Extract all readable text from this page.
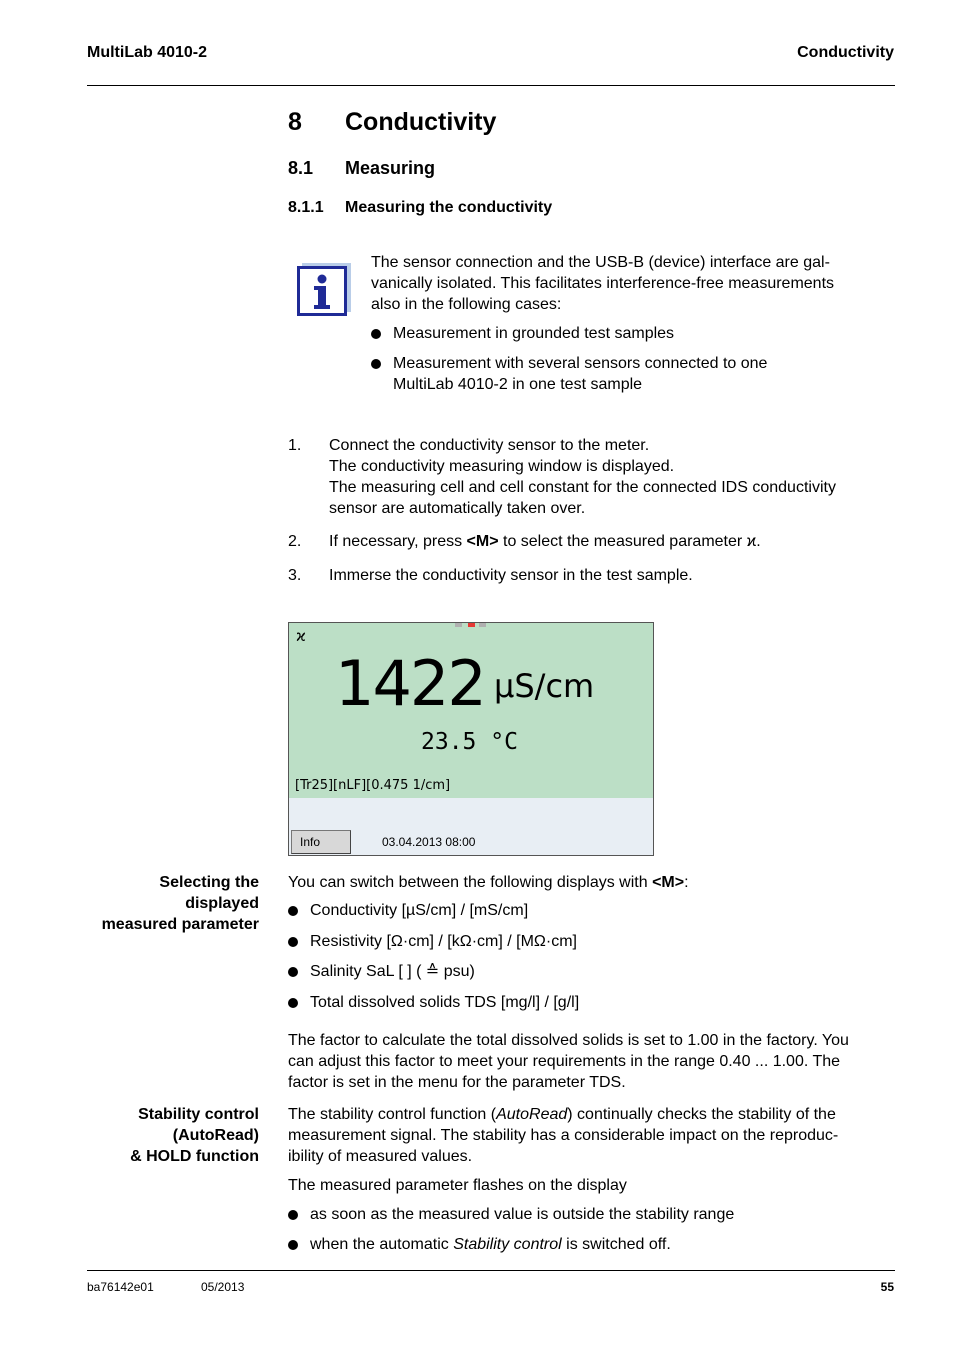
MultiLab 4010-2	Conductivity
8 Conductivity
8.1 Measuring
8.1.1 Measuring the conductivity
The sensor connection and the USB-B (device) interface are gal-
vanically isolated. This facilitates interference-free measurements
also in the following cases:
Measurement in grounded test samples
Measurement with several sensors connected to one
MultiLab 4010-2 in one test sample
1. Connect the conductivity sensor to the meter.
The conductivity measuring window is displayed.
The measuring cell and cell constant for the connected IDS conductivity
sensor are automatically taken over.
2. If necessary, press <M> to select the measured parameter ϰ.
3. Immerse the conductivity sensor in the test sample.
ϰ
1422 µS/cm
23.5 °C
[Tr25][nLF][0.475 1/cm]
Info	03.04.2013 08:00
Selecting the
displayed
measured parameter
You can switch between the following displays with <M>:
Conductivity [µS/cm] / [mS/cm]
Resistivity [Ω·cm] / [kΩ·cm] / [MΩ·cm]
Salinity SaL [ ] ( ≙ psu)
Total dissolved solids TDS [mg/l] / [g/l]
The factor to calculate the total dissolved solids is set to 1.00 in the factory. You
can adjust this factor to meet your requirements in the range 0.40 ... 1.00. The
factor is set in the menu for the parameter TDS.
Stability control
(AutoRead)
& HOLD function
The stability control function (AutoRead) continually checks the stability of the
measurement signal. The stability has a considerable impact on the reproduc-
ibility of measured values.
The measured parameter flashes on the display
as soon as the measured value is outside the stability range
when the automatic Stability control is switched off.
ba76142e01	05/2013	55
